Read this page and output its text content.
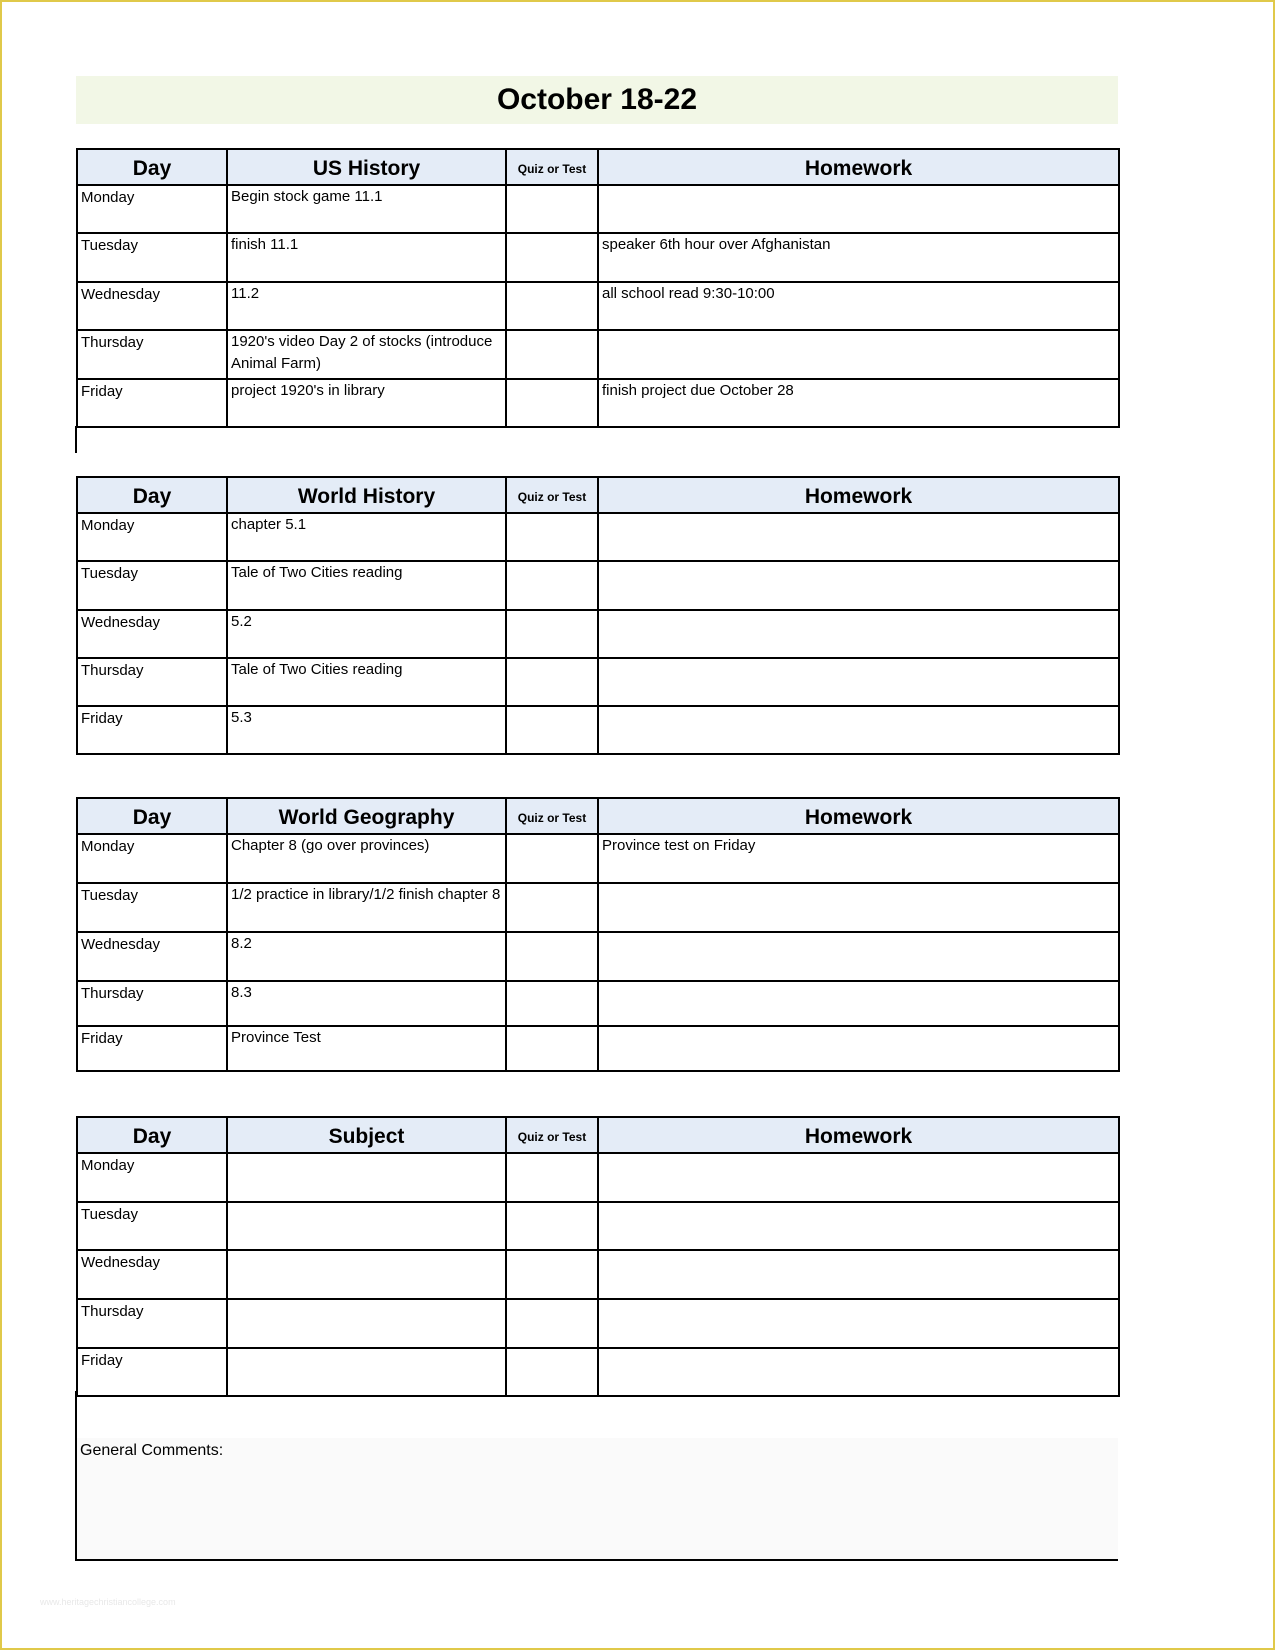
October 18-22
Day	US History	Quiz or Test	Homework
Monday	Begin stock game 11.1		
Tuesday	finish 11.1		speaker 6th hour over Afghanistan
Wednesday	11.2		all school read 9:30-10:00
Thursday	1920's video Day 2 of stocks (introduce Animal Farm)		
Friday	project 1920's in library		finish project due October 28
Day	World History	Quiz or Test	Homework
Monday	chapter 5.1		
Tuesday	Tale of Two Cities reading		
Wednesday	5.2		
Thursday	Tale of Two Cities reading		
Friday	5.3		
Day	World Geography	Quiz or Test	Homework
Monday	Chapter 8 (go over provinces)		Province test on Friday
Tuesday	1/2 practice in library/1/2 finish chapter 8		
Wednesday	8.2		
Thursday	8.3		
Friday	Province Test		
Day	Subject	Quiz or Test	Homework
Monday			
Tuesday			
Wednesday			
Thursday			
Friday			
General Comments:
www.heritagechristiancollege.com
